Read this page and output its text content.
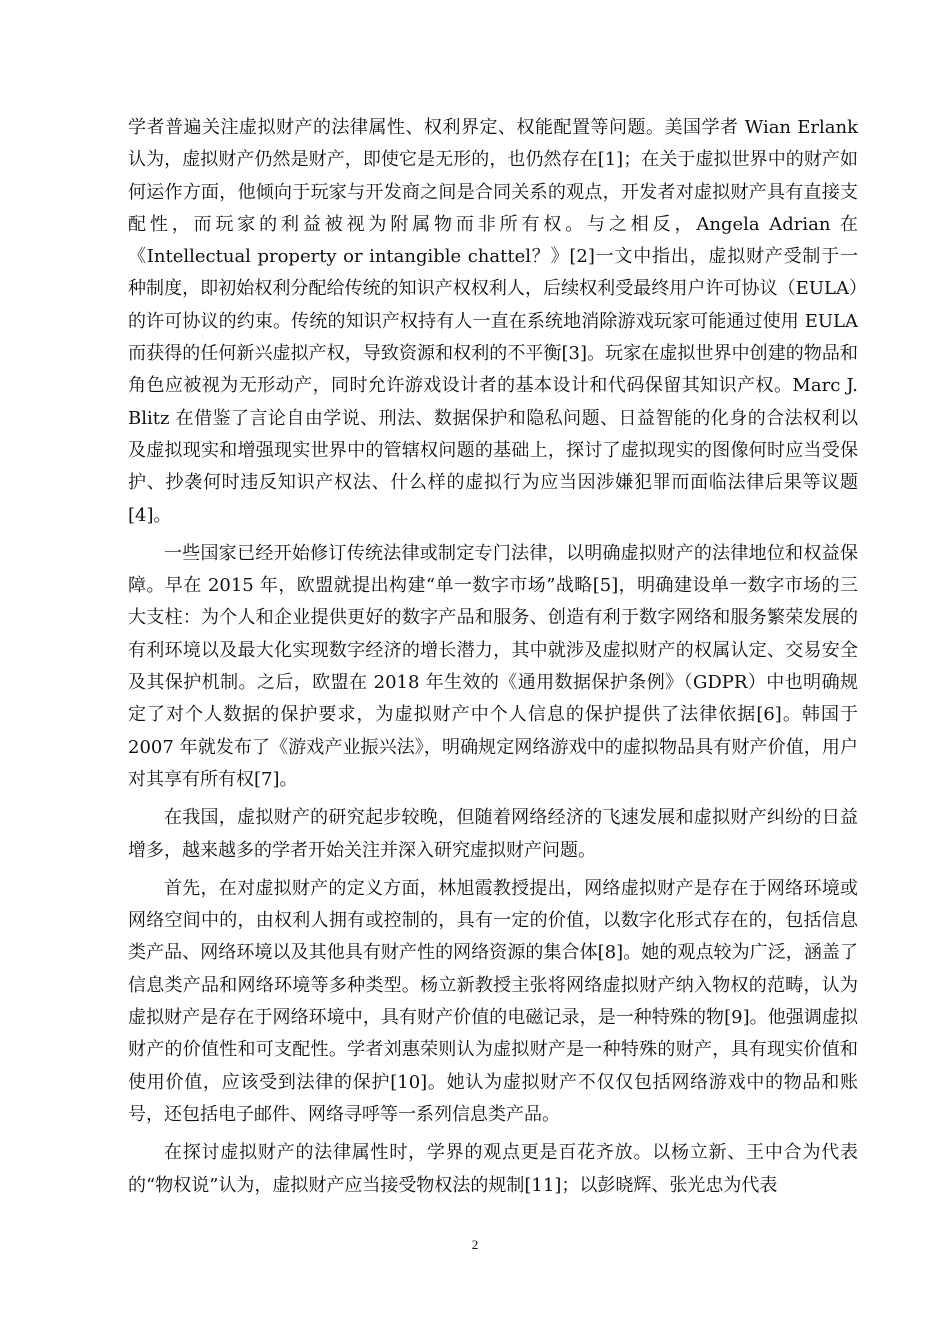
学者普遍关注虚拟财产的法律属性、权利界定、权能配置等问题。美国学者 Wian Erlank 认为，虚拟财产仍然是财产，即使它是无形的，也仍然存在[1]；在关于虚拟世界中的财产如何运作方面，他倾向于玩家与开发商之间是合同关系的观点，开发者对虚拟财产具有直接支配性，而玩家的利益被视为附属物而非所有权。与之相反，Angela Adrian 在《Intellectual property or intangible chattel？》[2]一文中指出，虚拟财产受制于一种制度，即初始权利分配给传统的知识产权权利人，后续权利受最终用户许可协议（EULA）的许可协议的约束。传统的知识产权持有人一直在系统地消除游戏玩家可能通过使用 EULA 而获得的任何新兴虚拟产权，导致资源和权利的不平衡[3]。玩家在虚拟世界中创建的物品和角色应被视为无形动产，同时允许游戏设计者的基本设计和代码保留其知识产权。Marc J. Blitz 在借鉴了言论自由学说、刑法、数据保护和隐私问题、日益智能的化身的合法权利以及虚拟现实和增强现实世界中的管辖权问题的基础上，探讨了虚拟现实的图像何时应当受保护、抄袭何时违反知识产权法、什么样的虚拟行为应当因涉嫌犯罪而面临法律后果等议题[4]。

一些国家已经开始修订传统法律或制定专门法律，以明确虚拟财产的法律地位和权益保障。早在 2015 年，欧盟就提出构建“单一数字市场”战略[5]，明确建设单一数字市场的三大支柱：为个人和企业提供更好的数字产品和服务、创造有利于数字网络和服务繁荣发展的有利环境以及最大化实现数字经济的增长潜力，其中就涉及虚拟财产的权属认定、交易安全及其保护机制。之后，欧盟在 2018 年生效的《通用数据保护条例》（GDPR）中也明确规定了对个人数据的保护要求，为虚拟财产中个人信息的保护提供了法律依据[6]。韩国于 2007 年就发布了《游戏产业振兴法》，明确规定网络游戏中的虚拟物品具有财产价值，用户对其享有所有权[7]。

在我国，虚拟财产的研究起步较晚，但随着网络经济的飞速发展和虚拟财产纠纷的日益增多，越来越多的学者开始关注并深入研究虚拟财产问题。

首先，在对虚拟财产的定义方面，林旭霞教授提出，网络虚拟财产是存在于网络环境或网络空间中的，由权利人拥有或控制的，具有一定的价值，以数字化形式存在的，包括信息类产品、网络环境以及其他具有财产性的网络资源的集合体[8]。她的观点较为广泛，涵盖了信息类产品和网络环境等多种类型。杨立新教授主张将网络虚拟财产纳入物权的范畴，认为虚拟财产是存在于网络环境中，具有财产价值的电磁记录，是一种特殊的物[9]。他强调虚拟财产的价值性和可支配性。学者刘惠荣则认为虚拟财产是一种特殊的财产，具有现实价值和使用价值，应该受到法律的保护[10]。她认为虚拟财产不仅仅包括网络游戏中的物品和账号，还包括电子邮件、网络寻呼等一系列信息类产品。

在探讨虚拟财产的法律属性时，学界的观点更是百花齐放。以杨立新、王中合为代表的“物权说”认为，虚拟财产应当接受物权法的规制[11]；以彭晓辉、张光忠为代表

2
